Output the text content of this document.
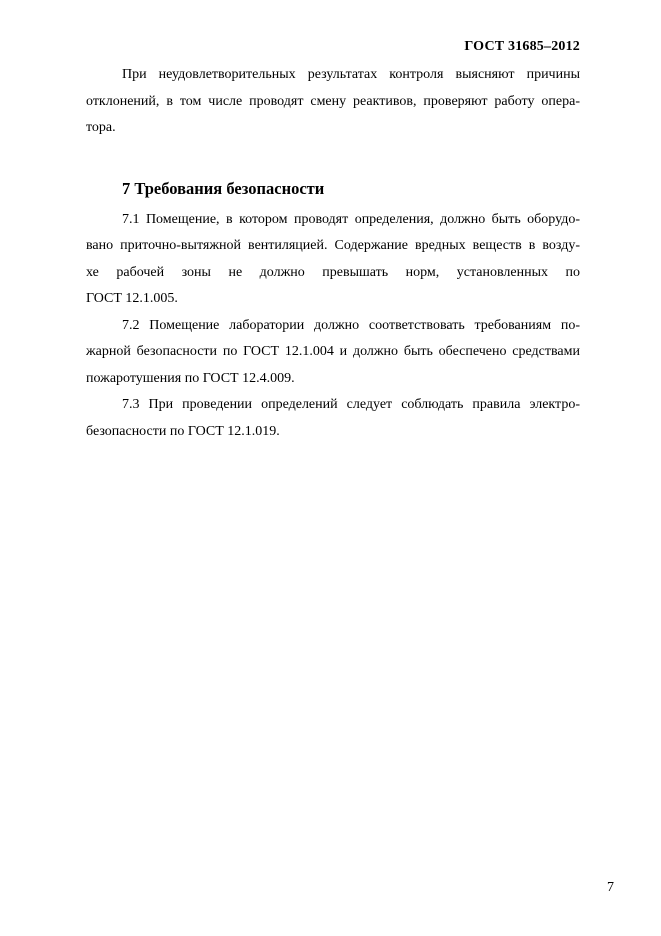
ГОСТ 31685–2012
При неудовлетворительных результатах контроля выясняют причины
отклонений, в том числе проводят смену реактивов, проверяют работу опера-
тора.
7 Требования безопасности
7.1 Помещение, в котором проводят определения, должно быть оборудо-
вано приточно-вытяжной вентиляцией. Содержание вредных веществ в возду-
хе рабочей зоны не должно превышать норм, установленных по
ГОСТ 12.1.005.
7.2 Помещение лаборатории должно соответствовать требованиям по-
жарной безопасности по ГОСТ 12.1.004 и должно быть обеспечено средствами
пожаротушения по ГОСТ 12.4.009.
7.3 При проведении определений следует соблюдать правила электро-
безопасности по ГОСТ 12.1.019.
7
